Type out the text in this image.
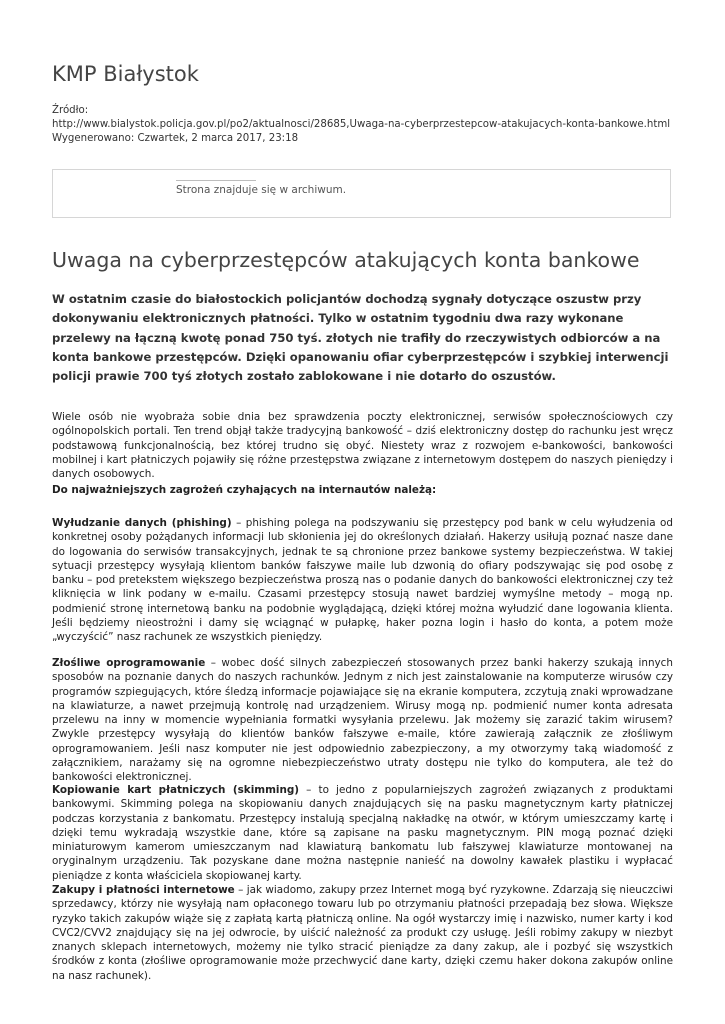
KMP Białystok
Źródło:
http://www.bialystok.policja.gov.pl/po2/aktualnosci/28685,Uwaga-na-cyberprzestepcow-atakujacych-konta-bankowe.html
Wygenerowano: Czwartek, 2 marca 2017, 23:18
Strona znajduje się w archiwum.
Uwaga na cyberprzestępców atakujących konta bankowe

W ostatnim czasie do białostockich policjantów dochodzą sygnały dotyczące oszustw przy dokonywaniu elektronicznych płatności. Tylko w ostatnim tygodniu dwa razy wykonane przelewy na łączną kwotę ponad 750 tyś. złotych nie trafiły do rzeczywistych odbiorców a na konta bankowe przestępców. Dzięki opanowaniu ofiar cyberprzestępców i szybkiej interwencji policji prawie 700 tyś złotych zostało zablokowane i nie dotarło do oszustów.

Wiele osób nie wyobraża sobie dnia bez sprawdzenia poczty elektronicznej, serwisów społecznościowych czy ogólnopolskich portali. Ten trend objął także tradycyjną bankowość – dziś elektroniczny dostęp do rachunku jest wręcz podstawową funkcjonalnością, bez której trudno się obyć. Niestety wraz z rozwojem e-bankowości, bankowości mobilnej i kart płatniczych pojawiły się różne przestępstwa związane z internetowym dostępem do naszych pieniędzy i danych osobowych.

Do najważniejszych zagrożeń czyhających na internautów należą:

Wyłudzanie danych (phishing) – phishing polega na podszywaniu się przestępcy pod bank w celu wyłudzenia od konkretnej osoby pożądanych informacji lub skłonienia jej do określonych działań. Hakerzy usiłują poznać nasze dane do logowania do serwisów transakcyjnych, jednak te są chronione przez bankowe systemy bezpieczeństwa. W takiej sytuacji przestępcy wysyłają klientom banków fałszywe maile lub dzwonią do ofiary podszywając się pod osobę z banku – pod pretekstem większego bezpieczeństwa proszą nas o podanie danych do bankowości elektronicznej czy też kliknięcia w link podany w e-mailu. Czasami przestępcy stosują nawet bardziej wymyślne metody – mogą np. podmienić stronę internetową banku na podobnie wyglądającą, dzięki której można wyłudzić dane logowania klienta. Jeśli będziemy nieostrożni i damy się wciągnąć w pułapkę, haker pozna login i hasło do konta, a potem może „wyczyścić” nasz rachunek ze wszystkich pieniędzy.

Złośliwe oprogramowanie – wobec dość silnych zabezpieczeń stosowanych przez banki hakerzy szukają innych sposobów na poznanie danych do naszych rachunków. Jednym z nich jest zainstalowanie na komputerze wirusów czy programów szpiegujących, które śledzą informacje pojawiające się na ekranie komputera, zczytują znaki wprowadzane na klawiaturze, a nawet przejmują kontrolę nad urządzeniem. Wirusy mogą np. podmienić numer konta adresata przelewu na inny w momencie wypełniania formatki wysyłania przelewu. Jak możemy się zarazić takim wirusem? Zwykle przestępcy wysyłają do klientów banków fałszywe e-maile, które zawierają załącznik ze złośliwym oprogramowaniem. Jeśli nasz komputer nie jest odpowiednio zabezpieczony, a my otworzymy taką wiadomość z załącznikiem, narażamy się na ogromne niebezpieczeństwo utraty dostępu nie tylko do komputera, ale też do bankowości elektronicznej.

Kopiowanie kart płatniczych (skimming) – to jedno z popularniejszych zagrożeń związanych z produktami bankowymi. Skimming polega na skopiowaniu danych znajdujących się na pasku magnetycznym karty płatniczej podczas korzystania z bankomatu. Przestępcy instalują specjalną nakładkę na otwór, w którym umieszczamy kartę i dzięki temu wykradają wszystkie dane, które są zapisane na pasku magnetycznym. PIN mogą poznać dzięki miniaturowym kamerom umieszczanym nad klawiaturą bankomatu lub fałszywej klawiaturze montowanej na oryginalnym urządzeniu. Tak pozyskane dane można następnie nanieść na dowolny kawałek plastiku i wypłacać pieniądze z konta właściciela skopiowanej karty.

Zakupy i płatności internetowe – jak wiadomo, zakupy przez Internet mogą być ryzykowne. Zdarzają się nieuczciwi sprzedawcy, którzy nie wysyłają nam opłaconego towaru lub po otrzymaniu płatności przepadają bez słowa. Większe ryzyko takich zakupów wiąże się z zapłatą kartą płatniczą online. Na ogół wystarczy imię i nazwisko, numer karty i kod CVC2/CVV2 znajdujący się na jej odwrocie, by uiścić należność za produkt czy usługę. Jeśli robimy zakupy w niezbyt znanych sklepach internetowych, możemy nie tylko stracić pieniądze za dany zakup, ale i pozbyć się wszystkich środków z konta (złośliwe oprogramowanie może przechwycić dane karty, dzięki czemu haker dokona zakupów online na nasz rachunek).
